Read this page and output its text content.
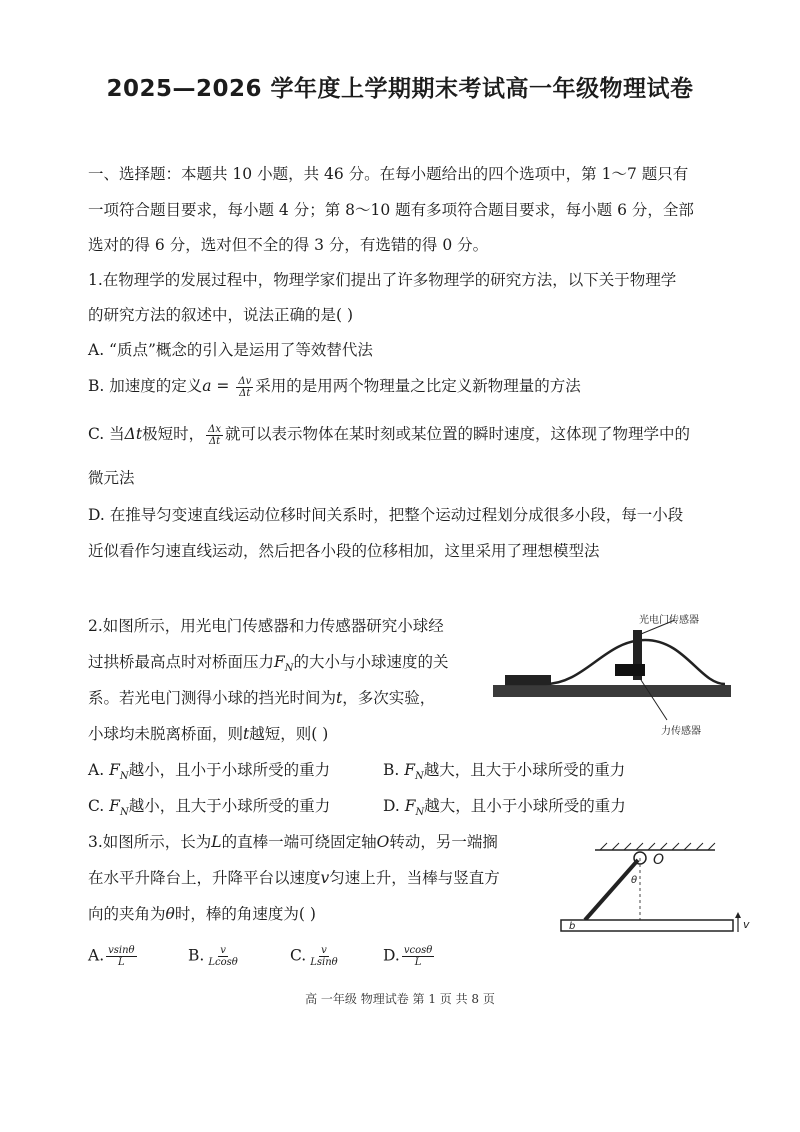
2025—2026 学年度上学期期末考试高一年级物理试卷
一、选择题：本题共 10 小题，共 46 分。在每小题给出的四个选项中，第 1～7 题只有
一项符合题目要求，每小题 4 分；第 8～10 题有多项符合题目要求，每小题 6 分，全部
选对的得 6 分，选对但不全的得 3 分，有选错的得 0 分。
1.在物理学的发展过程中，物理学家们提出了许多物理学的研究方法，以下关于物理学
的研究方法的叙述中，说法正确的是( )
A. “质点”概念的引入是运用了等效替代法
B. 加速度的定义$a = \frac{\Delta v}{\Delta t}$ 采用的是用两个物理量之比定义新物理量的方法
C. 当Δt极短时， $\frac{\Delta x}{\Delta t}$ 就可以表示物体在某时刻或某位置的瞬时速度，这体现了物理学中的
微元法
D. 在推导匀变速直线运动位移时间关系时，把整个运动过程划分成很多小段，每一小段
近似看作匀速直线运动，然后把各小段的位移相加，这里采用了理想模型法
2.如图所示，用光电门传感器和力传感器研究小球经
过拱桥最高点时对桥面压力$F_N$的大小与小球速度的关
系。若光电门测得小球的挡光时间为t，多次实验，
小球均未脱离桥面，则t越短，则( )
光电门传感器
力传感器
A. $F_N$越小，且小于小球所受的重力	B. $F_N$越大，且大于小球所受的重力
C. $F_N$越小，且大于小球所受的重力	D. $F_N$越大，且小于小球所受的重力
3.如图所示，长为L的直棒一端可绕固定轴O转动，另一端搁
在水平升降台上，升降平台以速度v匀速上升，当棒与竖直方
向的夹角为θ时，棒的角速度为( )
O
θ
v
b
A. $\frac{vsin\theta}{L}$	B. $\frac{v}{Lcos\theta}$	C. $\frac{v}{Lsin\theta}$	D. $\frac{vcos\theta}{L}$
高 一年级 物理试卷 第 1 页 共 8 页
